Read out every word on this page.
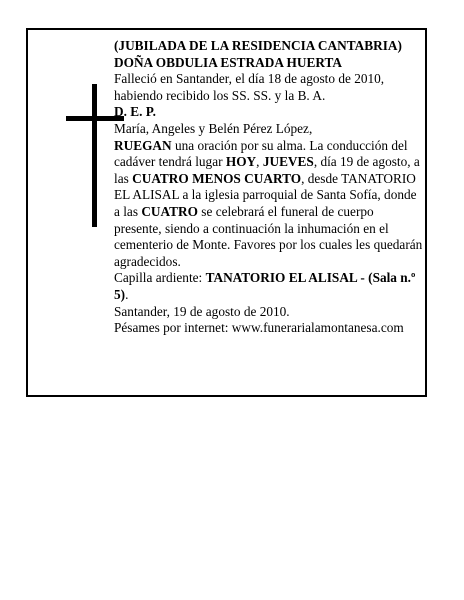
(JUBILADA DE LA RESIDENCIA CANTABRIA)

DOÑA OBDULIA ESTRADA HUERTA

Falleció en Santander, el día 18 de agosto de 2010, habiendo recibido los SS. SS. y la B. A.

D. E. P.

María, Angeles y Belén Pérez López,

RUEGAN una oración por su alma. La conducción del cadáver tendrá lugar HOY, JUEVES, día 19 de agosto, a las CUATRO MENOS CUARTO, desde TANATORIO EL ALISAL a la iglesia parroquial de Santa Sofía, donde a las CUATRO se celebrará el funeral de cuerpo presente, siendo a continuación la inhumación en el cementerio de Monte. Favores por los cuales les quedarán agradecidos.

Capilla ardiente: TANATORIO EL ALISAL - (Sala n.º 5).

Santander, 19 de agosto de 2010.

Pésames por internet: www.funerarialamontanesa.com
